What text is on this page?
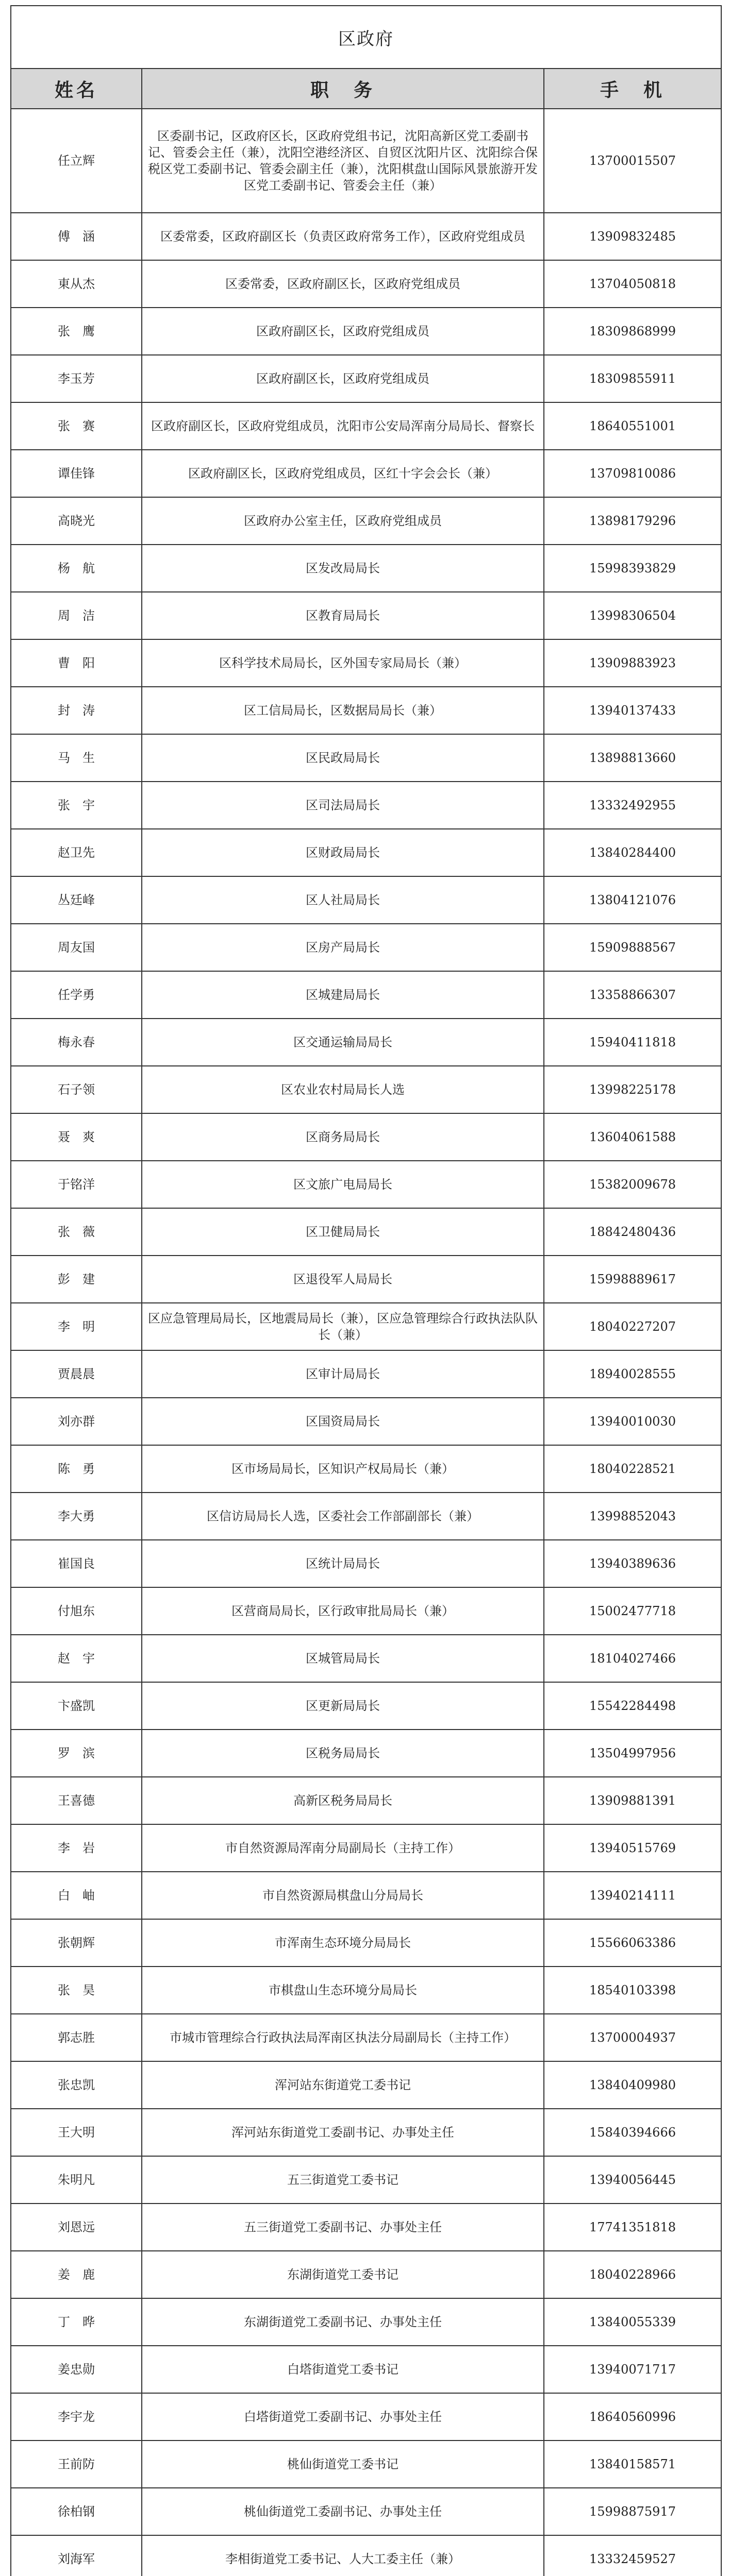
区政府		
姓名	职　务	手　机
任立辉	区委副书记，区政府区长，区政府党组书记，沈阳高新区党工委副书记、管委会主任（兼），沈阳空港经济区、自贸区沈阳片区、沈阳综合保税区党工委副书记、管委会副主任（兼），沈阳棋盘山国际风景旅游开发区党工委副书记、管委会主任（兼）	13700015507
傅　涵	区委常委，区政府副区长（负责区政府常务工作），区政府党组成员	13909832485
東从杰	区委常委，区政府副区长，区政府党组成员	13704050818
张　鹰	区政府副区长，区政府党组成员	18309868999
李玉芳	区政府副区长，区政府党组成员	18309855911
张　赛	区政府副区长，区政府党组成员，沈阳市公安局浑南分局局长、督察长	18640551001
谭佳锋	区政府副区长，区政府党组成员，区红十字会会长（兼）	13709810086
高晓光	区政府办公室主任，区政府党组成员	13898179296
杨　航	区发改局局长	15998393829
周　洁	区教育局局长	13998306504
曹　阳	区科学技术局局长，区外国专家局局长（兼）	13909883923
封　涛	区工信局局长，区数据局局长（兼）	13940137433
马　生	区民政局局长	13898813660
张　宇	区司法局局长	13332492955
赵卫先	区财政局局长	13840284400
丛廷峰	区人社局局长	13804121076
周友国	区房产局局长	15909888567
任学勇	区城建局局长	13358866307
梅永春	区交通运输局局长	15940411818
石子领	区农业农村局局长人选	13998225178
聂　爽	区商务局局长	13604061588
于铭洋	区文旅广电局局长	15382009678
张　薇	区卫健局局长	18842480436
彭　建	区退役军人局局长	15998889617
李　明	区应急管理局局长，区地震局局长（兼），区应急管理综合行政执法队队长（兼）	18040227207
贾晨晨	区审计局局长	18940028555
刘亦群	区国资局局长	13940010030
陈　勇	区市场局局长，区知识产权局局长（兼）	18040228521
李大勇	区信访局局长人选，区委社会工作部副部长（兼）	13998852043
崔国良	区统计局局长	13940389636
付旭东	区营商局局长，区行政审批局局长（兼）	15002477718
赵　宇	区城管局局长	18104027466
卞盛凯	区更新局局长	15542284498
罗　滨	区税务局局长	13504997956
王喜德	高新区税务局局长	13909881391
李　岩	市自然资源局浑南分局副局长（主持工作）	13940515769
白　岫	市自然资源局棋盘山分局局长	13940214111
张朝辉	市浑南生态环境分局局长	15566063386
张　昊	市棋盘山生态环境分局局长	18540103398
郭志胜	市城市管理综合行政执法局浑南区执法分局副局长（主持工作）	13700004937
张忠凯	浑河站东街道党工委书记	13840409980
王大明	浑河站东街道党工委副书记、办事处主任	15840394666
朱明凡	五三街道党工委书记	13940056445
刘恩远	五三街道党工委副书记、办事处主任	17741351818
姜　鹿	东湖街道党工委书记	18040228966
丁　晔	东湖街道党工委副书记、办事处主任	13840055339
姜忠勋	白塔街道党工委书记	13940071717
李宇龙	白塔街道党工委副书记、办事处主任	18640560996
王前防	桃仙街道党工委书记	13840158571
徐柏钢	桃仙街道党工委副书记、办事处主任	15998875917
刘海军	李相街道党工委书记、人大工委主任（兼）	13332459527
